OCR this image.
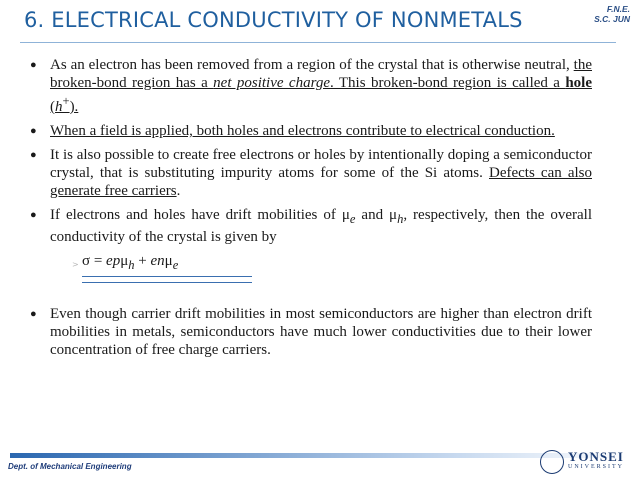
6. ELECTRICAL CONDUCTIVITY OF NONMETALS	F.N.E.
S.C. JUN

● As an electron has been removed from a region of the crystal that is otherwise neutral, the broken-bond region has a net positive charge. This broken-bond region is called a hole (h+).

● When a field is applied, both holes and electrons contribute to electrical conduction.

● It is also possible to create free electrons or holes by intentionally doping a semiconductor crystal, that is substituting impurity atoms for some of the Si atoms. Defects can also generate free carriers.

● If electrons and holes have drift mobilities of $\mu_e$ and $\mu_h$, respectively, then the overall conductivity of the crystal is given by

> σ = epμ$_h$ + enμ$_e$

● Even though carrier drift mobilities in most semiconductors are higher than electron drift mobilities in metals, semiconductors have much lower conductivities due to their lower concentration of free charge carriers.

Dept. of Mechanical Engineering
YONSEI
UNIVERSITY
